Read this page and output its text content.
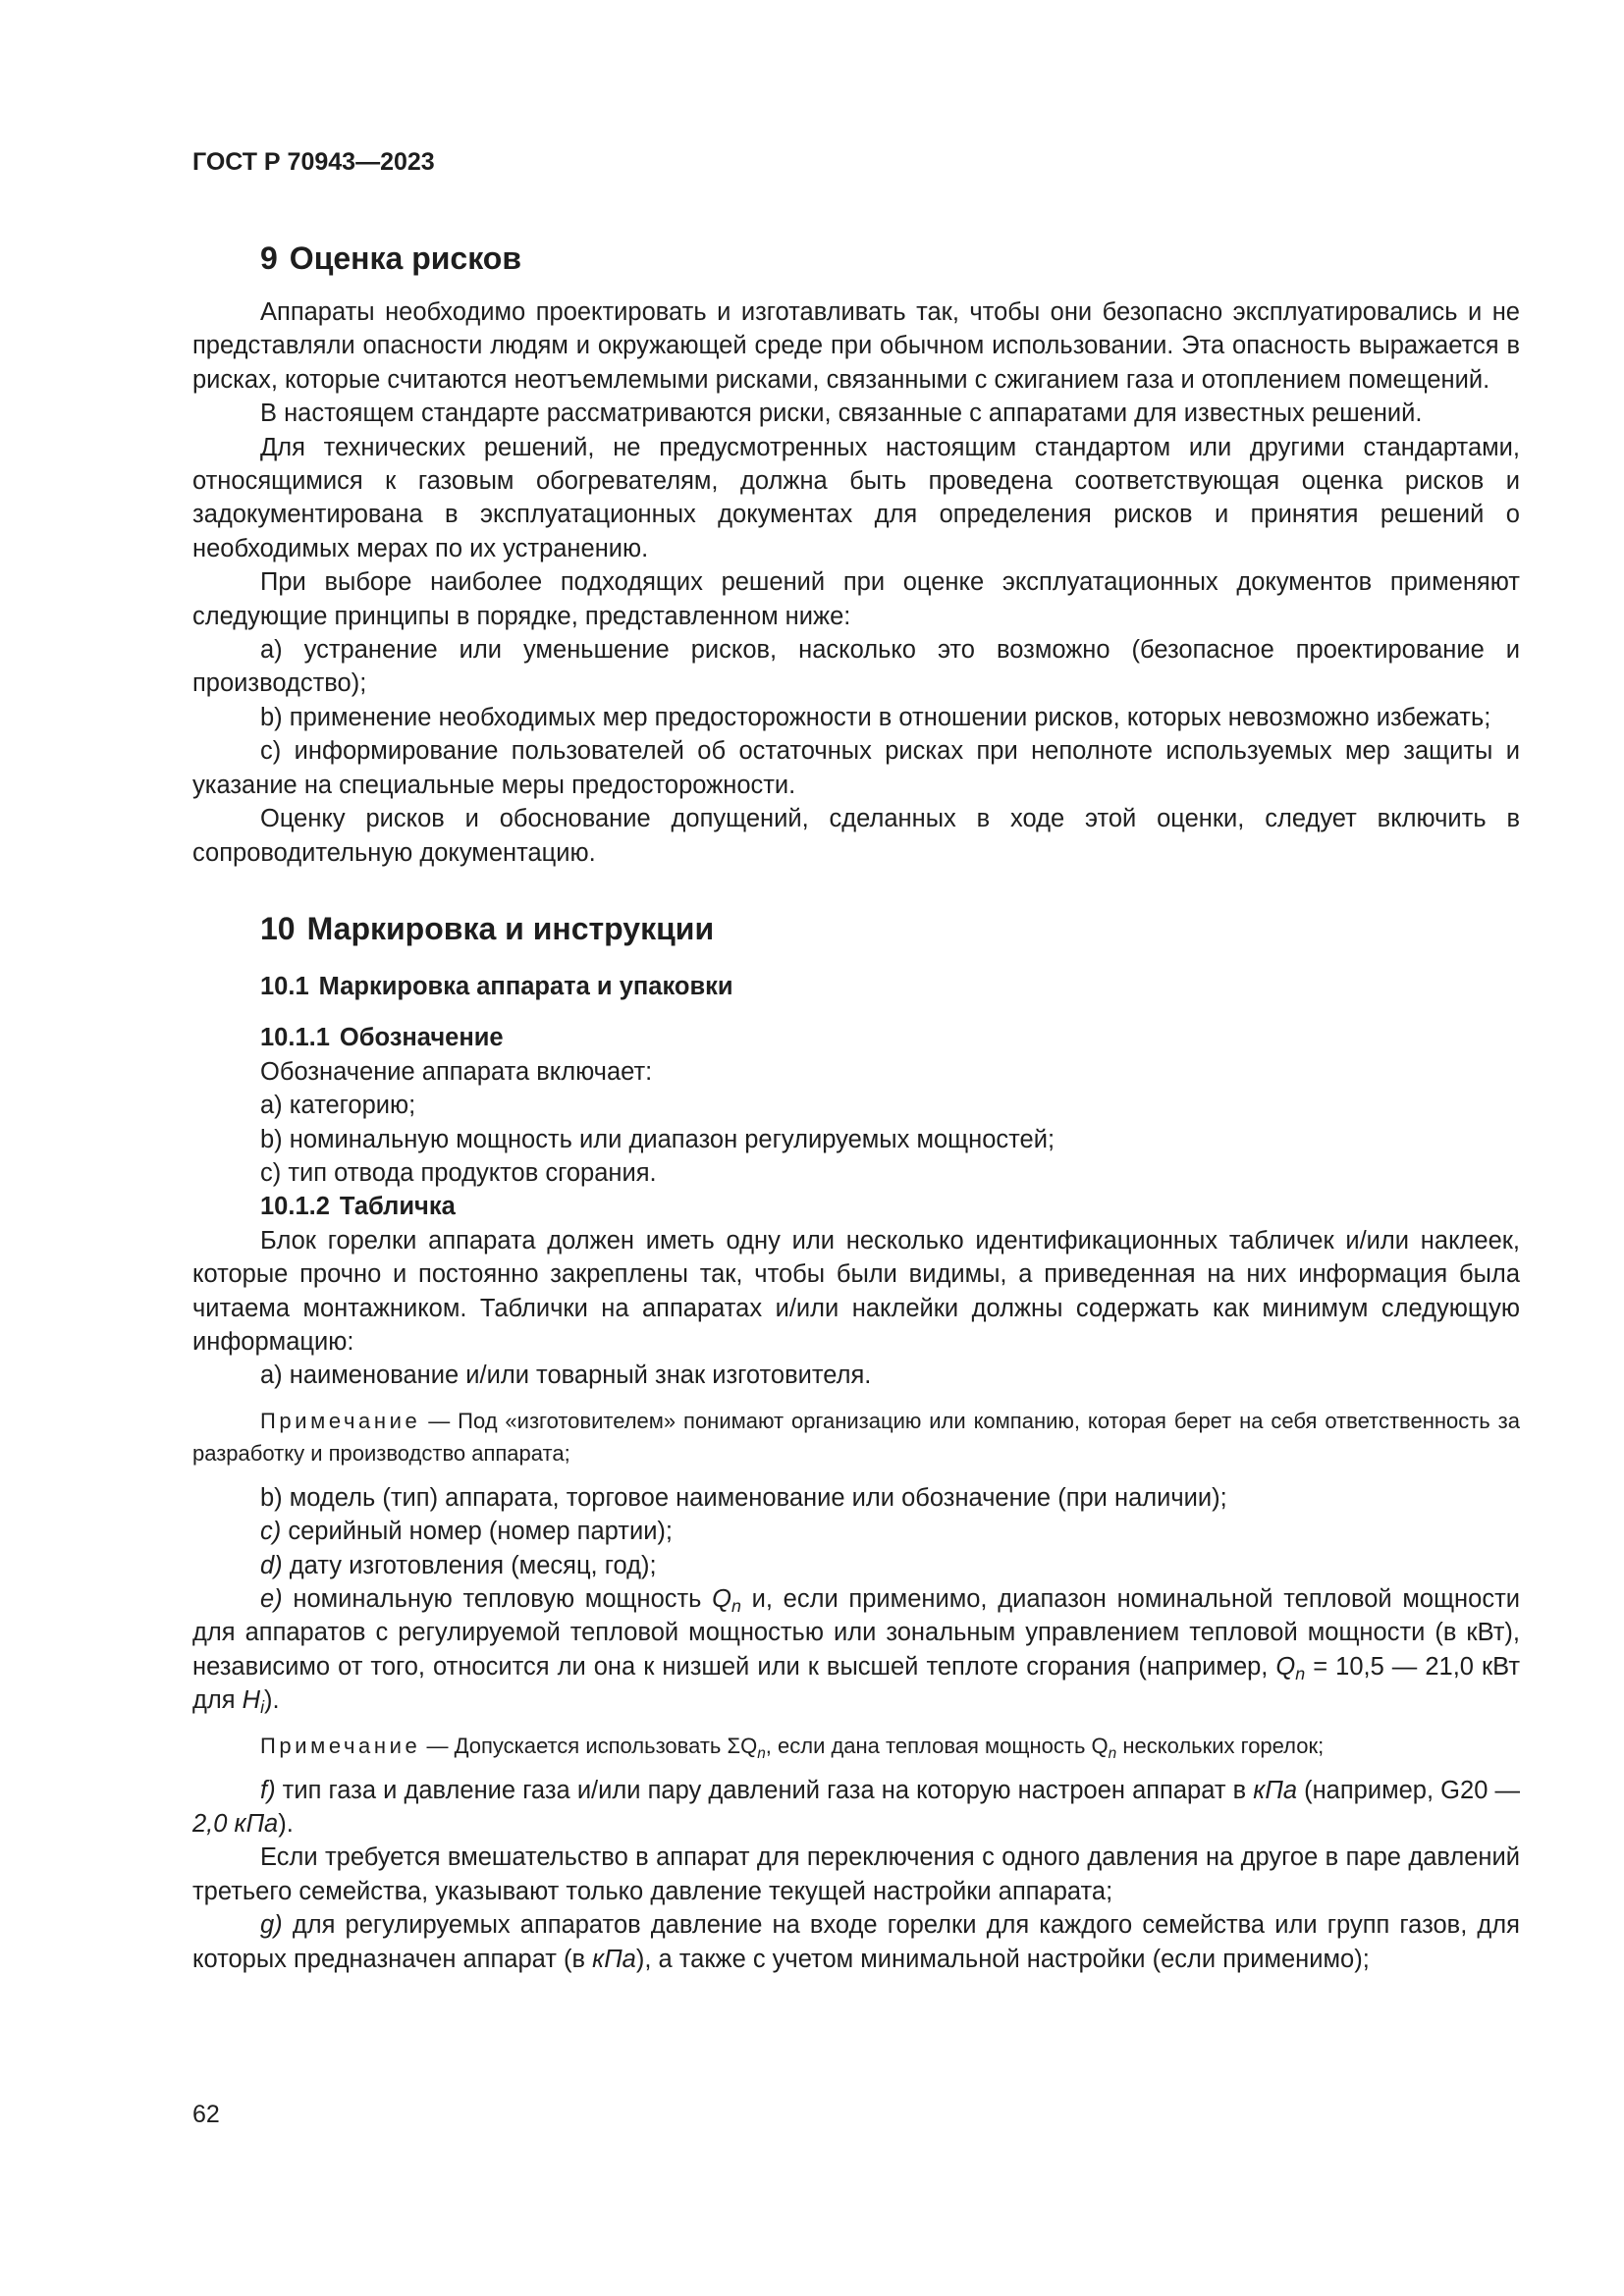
ГОСТ Р 70943—2023
9 Оценка рисков

Аппараты необходимо проектировать и изготавливать так, чтобы они безопасно эксплуатировались и не представляли опасности людям и окружающей среде при обычном использовании. Эта опасность выражается в рисках, которые считаются неотъемлемыми рисками, связанными с сжиганием газа и отоплением помещений.

В настоящем стандарте рассматриваются риски, связанные с аппаратами для известных решений.

Для технических решений, не предусмотренных настоящим стандартом или другими стандартами, относящимися к газовым обогревателям, должна быть проведена соответствующая оценка рисков и задокументирована в эксплуатационных документах для определения рисков и принятия решений о необходимых мерах по их устранению.

При выборе наиболее подходящих решений при оценке эксплуатационных документов применяют следующие принципы в порядке, представленном ниже:

а) устранение или уменьшение рисков, насколько это возможно (безопасное проектирование и производство);

b) применение необходимых мер предосторожности в отношении рисков, которых невозможно избежать;

c) информирование пользователей об остаточных рисках при неполноте используемых мер защиты и указание на специальные меры предосторожности.

Оценку рисков и обоснование допущений, сделанных в ходе этой оценки, следует включить в сопроводительную документацию.

10 Маркировка и инструкции
10.1 Маркировка аппарата и упаковки
10.1.1 Обозначение

Обозначение аппарата включает:

a) категорию;

b) номинальную мощность или диапазон регулируемых мощностей;

c) тип отвода продуктов сгорания.

10.1.2 Табличка

Блок горелки аппарата должен иметь одну или несколько идентификационных табличек и/или наклеек, которые прочно и постоянно закреплены так, чтобы были видимы, а приведенная на них информация была читаема монтажником. Таблички на аппаратах и/или наклейки должны содержать как минимум следующую информацию:

a) наименование и/или товарный знак изготовителя.

Примечание — Под «изготовителем» понимают организацию или компанию, которая берет на себя ответственность за разработку и производство аппарата;

b) модель (тип) аппарата, торговое наименование или обозначение (при наличии);

c) серийный номер (номер партии);

d) дату изготовления (месяц, год);

e) номинальную тепловую мощность $Q_n$ и, если применимо, диапазон номинальной тепловой мощности для аппаратов с регулируемой тепловой мощностью или зональным управлением тепловой мощности (в кВт), независимо от того, относится ли она к низшей или к высшей теплоте сгорания (например, $Q_n = 10,5$ — 21,0 кВт для $H_i$).

Примечание — Допускается использовать $\Sigma Q_n$, если дана тепловая мощность $Q_n$ нескольких горелок;

f) тип газа и давление газа и/или пару давлений газа на которую настроен аппарат в кПа (например, G20 — 2,0 кПа).

Если требуется вмешательство в аппарат для переключения с одного давления на другое в паре давлений третьего семейства, указывают только давление текущей настройки аппарата;

g) для регулируемых аппаратов давление на входе горелки для каждого семейства или групп газов, для которых предназначен аппарат (в кПа), а также с учетом минимальной настройки (если применимо);

62
